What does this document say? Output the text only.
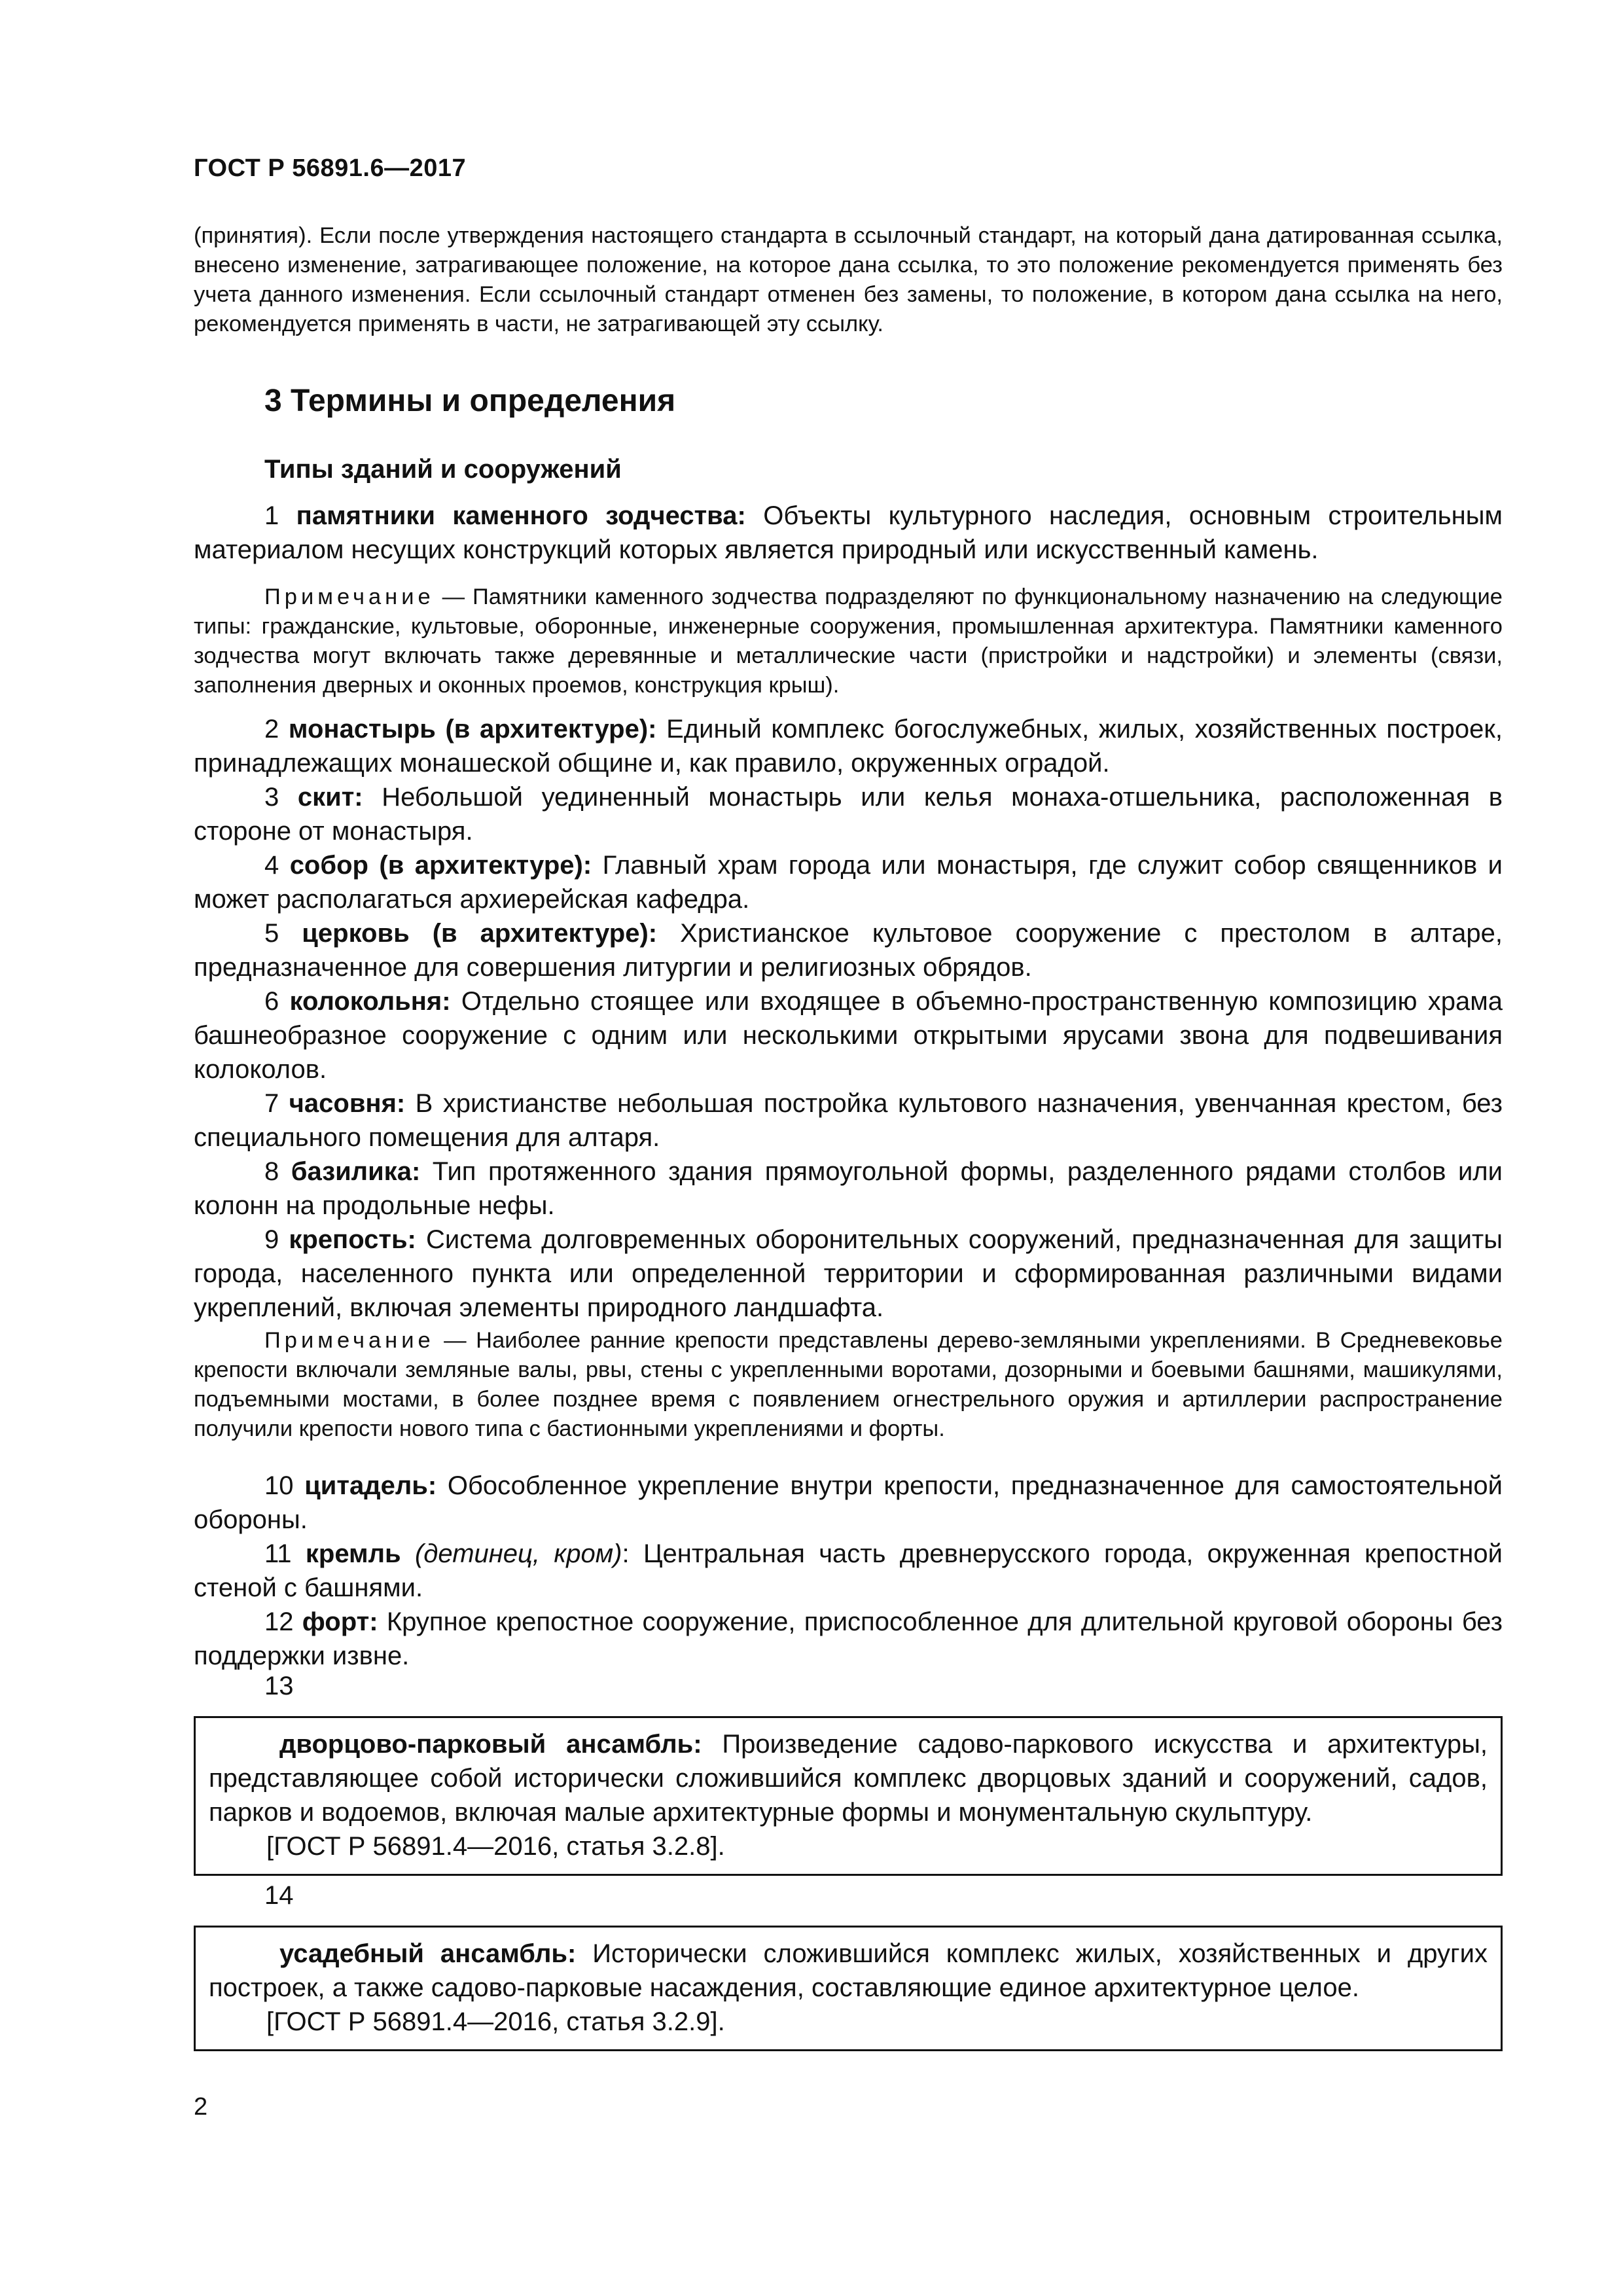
ГОСТ Р 56891.6—2017

(принятия). Если после утверждения настоящего стандарта в ссылочный стандарт, на который дана датированная ссылка, внесено изменение, затрагивающее положение, на которое дана ссылка, то это положение рекомендуется применять без учета данного изменения. Если ссылочный стандарт отменен без замены, то положение, в котором дана ссылка на него, рекомендуется применять в части, не затрагивающей эту ссылку.

3 Термины и определения
Типы зданий и сооружений
1 памятники каменного зодчества: Объекты культурного наследия, основным строительным материалом несущих конструкций которых является природный или искусственный камень.
Примечание — Памятники каменного зодчества подразделяют по функциональному назначению на следующие типы: гражданские, культовые, оборонные, инженерные сооружения, промышленная архитектура. Памятники каменного зодчества могут включать также деревянные и металлические части (пристройки и надстройки) и элементы (связи, заполнения дверных и оконных проемов, конструкция крыш).

2 монастырь (в архитектуре): Единый комплекс богослужебных, жилых, хозяйственных построек, принадлежащих монашеской общине и, как правило, окруженных оградой.

3 скит: Небольшой уединенный монастырь или келья монаха-отшельника, расположенная в стороне от монастыря.

4 собор (в архитектуре): Главный храм города или монастыря, где служит собор священников и может располагаться архиерейская кафедра.

5 церковь (в архитектуре): Христианское культовое сооружение с престолом в алтаре, предназначенное для совершения литургии и религиозных обрядов.

6 колокольня: Отдельно стоящее или входящее в объемно-пространственную композицию храма башнеобразное сооружение с одним или несколькими открытыми ярусами звона для подвешивания колоколов.

7 часовня: В христианстве небольшая постройка культового назначения, увенчанная крестом, без специального помещения для алтаря.

8 базилика: Тип протяженного здания прямоугольной формы, разделенного рядами столбов или колонн на продольные нефы.

9 крепость: Система долговременных оборонительных сооружений, предназначенная для защиты города, населенного пункта или определенной территории и сформированная различными видами укреплений, включая элементы природного ландшафта.

Примечание — Наиболее ранние крепости представлены дерево-земляными укреплениями. В Средневековье крепости включали земляные валы, рвы, стены с укрепленными воротами, дозорными и боевыми башнями, машикулями, подъемными мостами, в более позднее время с появлением огнестрельного оружия и артиллерии распространение получили крепости нового типа с бастионными укреплениями и форты.

10 цитадель: Обособленное укрепление внутри крепости, предназначенное для самостоятельной обороны.

11 кремль (детинец, кром): Центральная часть древнерусского города, окруженная крепостной стеной с башнями.

12 форт: Крупное крепостное сооружение, приспособленное для длительной круговой обороны без поддержки извне.

13

дворцово-парковый ансамбль: Произведение садово-паркового искусства и архитектуры, представляющее собой исторически сложившийся комплекс дворцовых зданий и сооружений, садов, парков и водоемов, включая малые архитектурные формы и монументальную скульптуру.

[ГОСТ Р 56891.4—2016, статья 3.2.8].

14

усадебный ансамбль: Исторически сложившийся комплекс жилых, хозяйственных и других построек, а также садово-парковые насаждения, составляющие единое архитектурное целое.

[ГОСТ Р 56891.4—2016, статья 3.2.9].

2
